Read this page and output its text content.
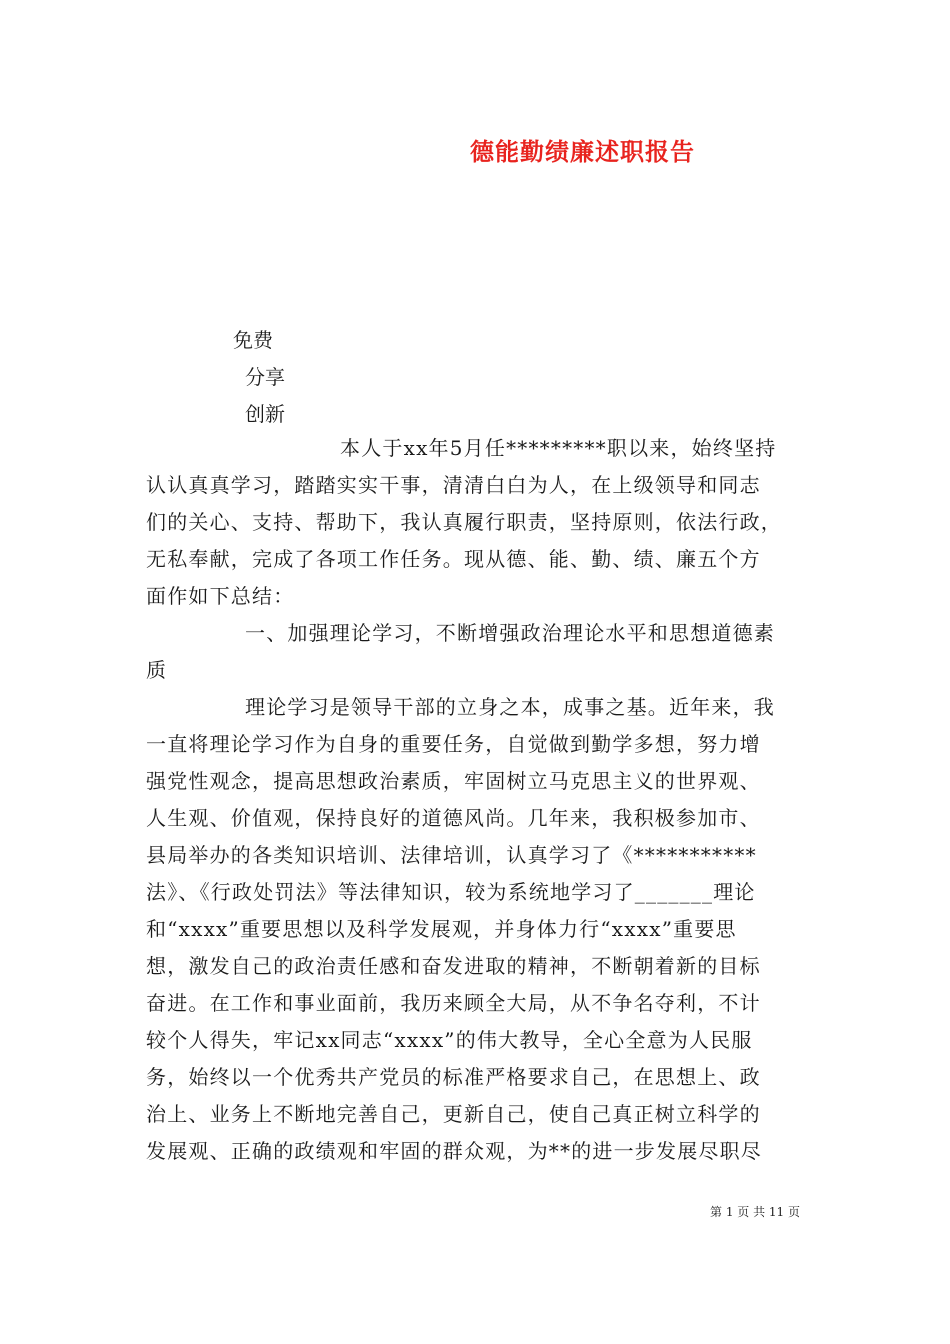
德能勤绩廉述职报告
免费
分享
创新
本人于xx年5月任*********职以来，始终坚持
认认真真学习，踏踏实实干事，清清白白为人，在上级领导和同志
们的关心、支持、帮助下，我认真履行职责，坚持原则，依法行政，
无私奉献，完成了各项工作任务。现从德、能、勤、绩、廉五个方
面作如下总结：
一、加强理论学习，不断增强政治理论水平和思想道德素
质
理论学习是领导干部的立身之本，成事之基。近年来，我
一直将理论学习作为自身的重要任务，自觉做到勤学多想，努力增
强党性观念，提高思想政治素质，牢固树立马克思主义的世界观、
人生观、价值观，保持良好的道德风尚。几年来，我积极参加市、
县局举办的各类知识培训、法律培训，认真学习了《***********
法》、《行政处罚法》等法律知识，较为系统地学习了_______理论
和“xxxx”重要思想以及科学发展观，并身体力行“xxxx”重要思
想，激发自己的政治责任感和奋发进取的精神，不断朝着新的目标
奋进。在工作和事业面前，我历来顾全大局，从不争名夺利，不计
较个人得失，牢记xx同志“xxxx”的伟大教导，全心全意为人民服
务，始终以一个优秀共产党员的标准严格要求自己，在思想上、政
治上、业务上不断地完善自己，更新自己，使自己真正树立科学的
发展观、正确的政绩观和牢固的群众观，为**的进一步发展尽职尽
第 1 页 共 11 页
